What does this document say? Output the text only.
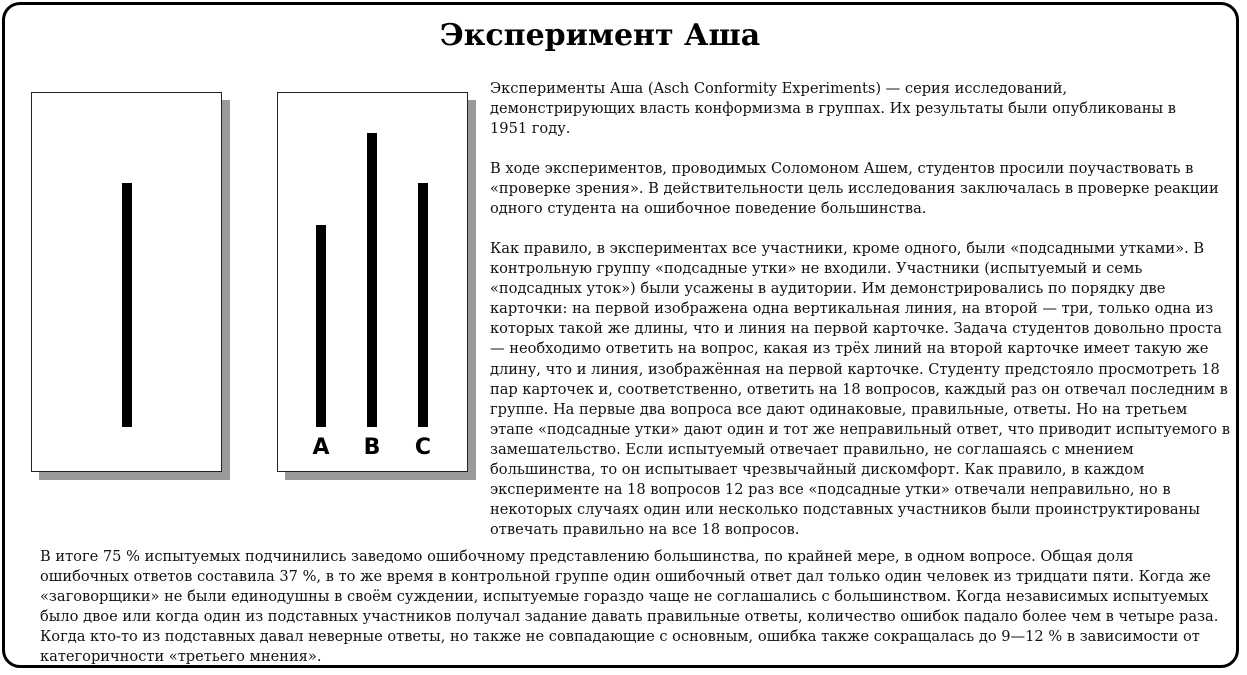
Эксперимент Аша
A	B	C

Эксперименты Аша (Asch Conformity Experiments) — серия исследований, демонстрирующих власть конформизма в группах. Их результаты были опубликованы в 1951 году.

В ходе экспериментов, проводимых Соломоном Ашем, студентов просили поучаствовать в «проверке зрения». В действительности цель исследования заключалась в проверке реакции одного студента на ошибочное поведение большинства.

Как правило, в экспериментах все участники, кроме одного, были «подсадными утками». В контрольную группу «подсадные утки» не входили. Участники (испытуемый и семь «подсадных уток») были усажены в аудитории. Им демонстрировались по порядку две карточки: на первой изображена одна вертикальная линия, на второй — три, только одна из которых такой же длины, что и линия на первой карточке. Задача студентов довольно проста — необходимо ответить на вопрос, какая из трёх линий на второй карточке имеет такую же длину, что и линия, изображённая на первой карточке. Студенту предстояло просмотреть 18 пар карточек и, соответственно, ответить на 18 вопросов, каждый раз он отвечал последним в группе. На первые два вопроса все дают одинаковые, правильные, ответы. Но на третьем этапе «подсадные утки» дают один и тот же неправильный ответ, что приводит испытуемого в замешательство. Если испытуемый отвечает правильно, не соглашаясь с мнением большинства, то он испытывает чрезвычайный дискомфорт. Как правило, в каждом эксперименте на 18 вопросов 12 раз все «подсадные утки» отвечали неправильно, но в некоторых случаях один или несколько подставных участников были проинструктированы отвечать правильно на все 18 вопросов.

В итоге 75 % испытуемых подчинились заведомо ошибочному представлению большинства, по крайней мере, в одном вопросе. Общая доля ошибочных ответов составила 37 %, в то же время в контрольной группе один ошибочный ответ дал только один человек из тридцати пяти. Когда же «заговорщики» не были единодушны в своём суждении, испытуемые гораздо чаще не соглашались с большинством. Когда независимых испытуемых было двое или когда один из подставных участников получал задание давать правильные ответы, количество ошибок падало более чем в четыре раза. Когда кто-то из подставных давал неверные ответы, но также не совпадающие с основным, ошибка также сокращалась до 9—12 % в зависимости от категоричности «третьего мнения».
